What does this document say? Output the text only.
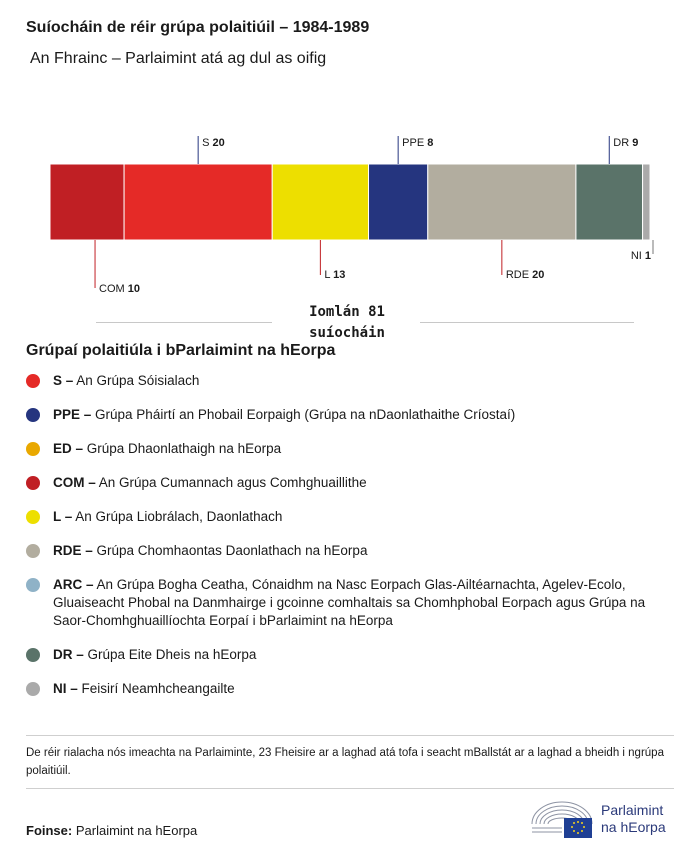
Suíocháin de réir grúpa polaitiúil – 1984-1989
An Fhrainc – Parlaimint atá ag dul as oifig
COM 10
S 20
L 13
PPE 8
RDE 20
DR 9
NI 1
Iomlán 81
suíocháin
Grúpaí polaitiúla i bParlaimint na hEorpa
S – An Grúpa Sóisialach
PPE – Grúpa Pháirtí an Phobail Eorpaigh (Grúpa na nDaonlathaithe Críostaí)
ED – Grúpa Dhaonlathaigh na hEorpa
COM – An Grúpa Cumannach agus Comhghuaillithe
L – An Grúpa Liobrálach, Daonlathach
RDE – Grúpa Chomhaontas Daonlathach na hEorpa
ARC – An Grúpa Bogha Ceatha, Cónaidhm na Nasc Eorpach Glas-Ailtéarnachta, Agelev-Ecolo, Gluaiseacht Phobal na Danmhairge i gcoinne comhaltais sa Chomhphobal Eorpach agus Grúpa na Saor-Chomhghuaillíochta Eorpaí i bParlaimint na hEorpa
DR – Grúpa Eite Dheis na hEorpa
NI – Feisirí Neamhcheangailte
De réir rialacha nós imeachta na Parlaiminte, 23 Fheisire ar a laghad atá tofa i seacht mBallstát ar a laghad a bheidh i ngrúpa polaitiúil.
Foinse: Parlaimint na hEorpa
Parlaimint
na hEorpa
